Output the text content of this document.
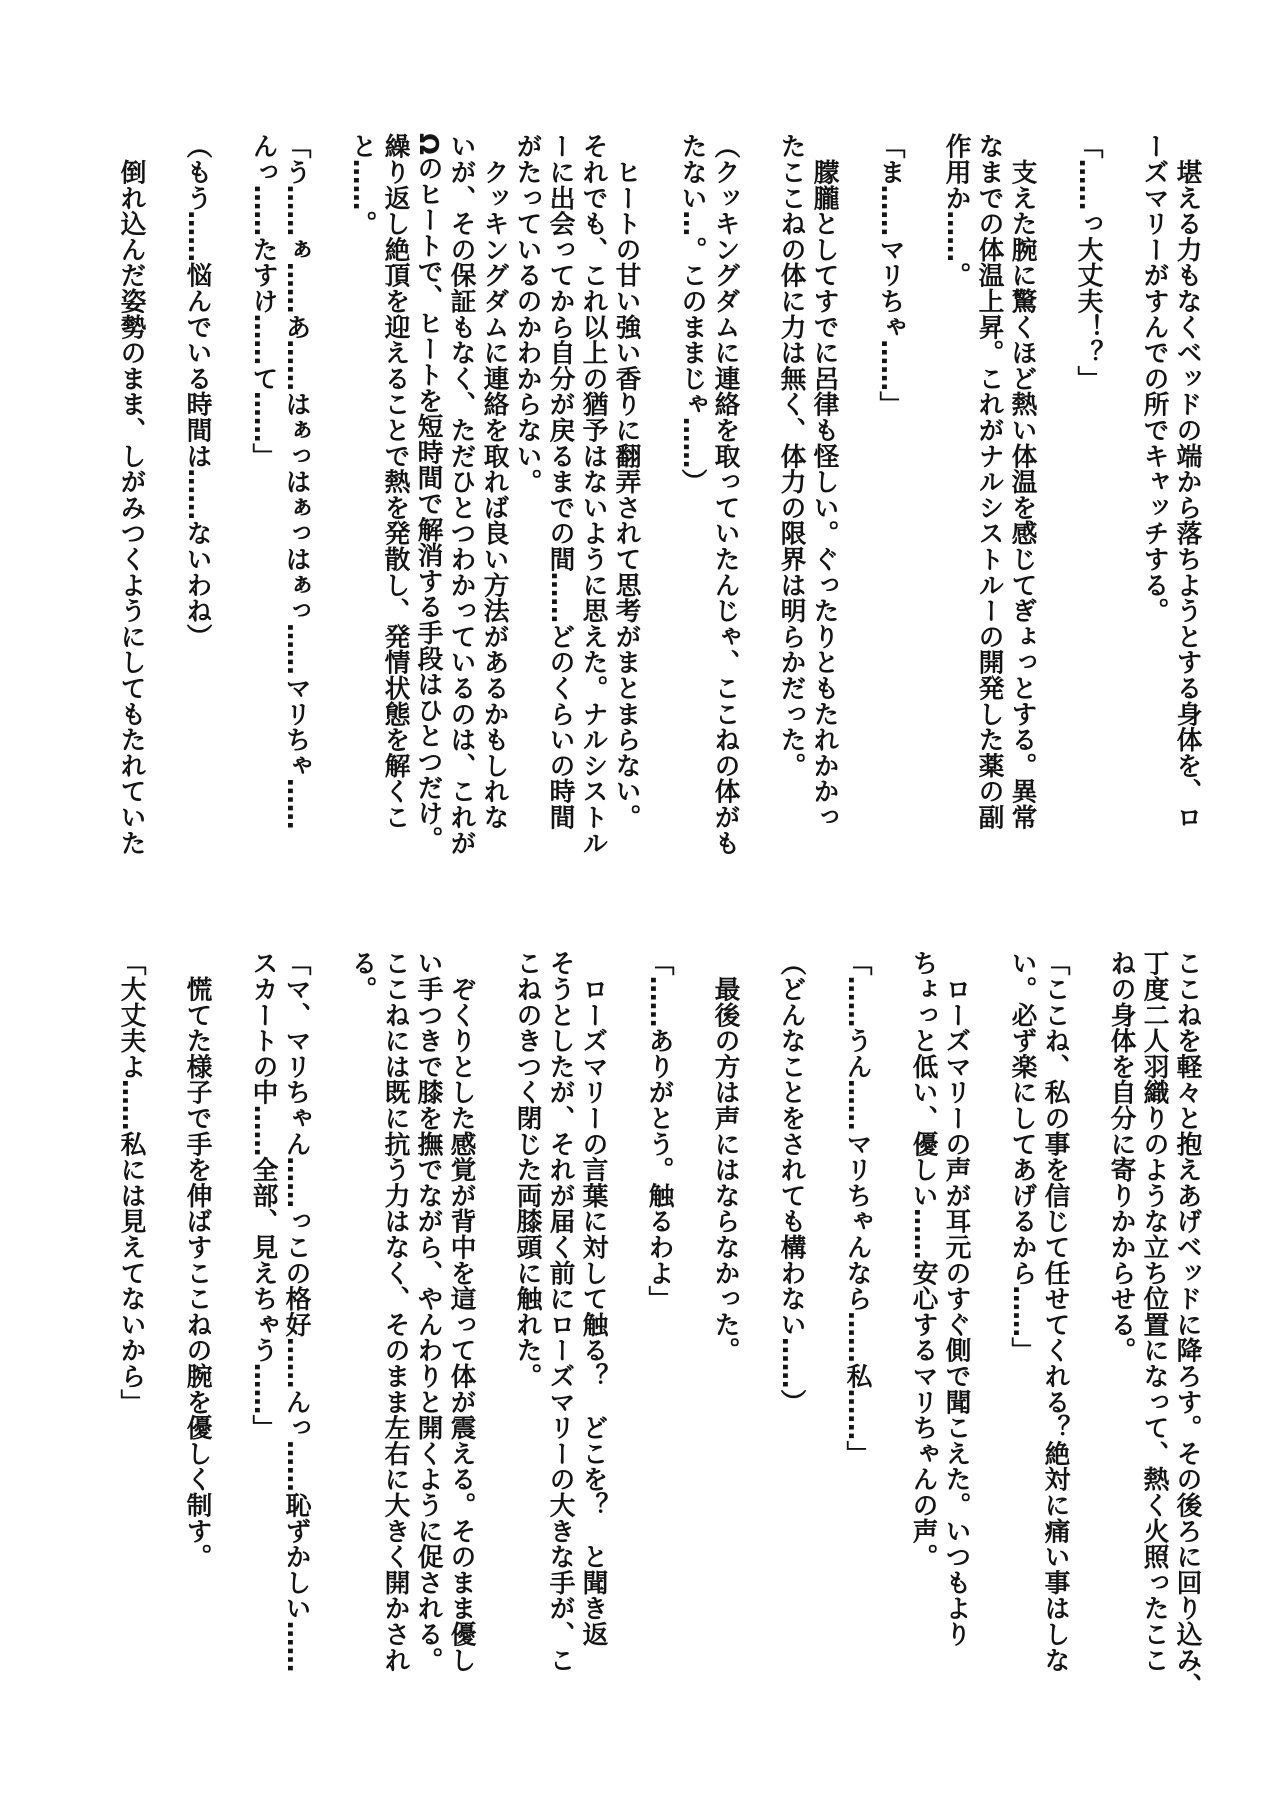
　堪える力もなくベッドの端から落ちようとする身体を、ロ
ーズマリーがすんでの所でキャッチする。
「……っ大丈夫！？」
　支えた腕に驚くほど熱い体温を感じてぎょっとする。異常
なまでの体温上昇。これがナルシストルーの開発した薬の副
作用か……。
「ま……マリちゃ……」
　朦朧としてすでに呂律も怪しい。ぐったりともたれかかっ
たここねの体に力は無く、体力の限界は明らかだった。
（クッキングダムに連絡を取っていたんじゃ、ここねの体がも
たない…。このままじゃ……）
　ヒートの甘い強い香りに翻弄されて思考がまとまらない。
それでも、これ以上の猶予はないように思えた。ナルシストル
ーに出会ってから自分が戻るまでの間……どのくらいの時間
がたっているのかわからない。
　クッキングダムに連絡を取れば良い方法があるかもしれな
いが、その保証もなく、ただひとつわかっているのは、これが
Ωのヒートで、ヒートを短時間で解消する手段はひとつだけ。
繰り返し絶頂を迎えることで熱を発散し、発情状態を解くこ
と……。
「う……ぁ……あ……はぁっはぁっはぁっ……マリちゃ……
んっ……たすけ……て……」
（もう……悩んでいる時間は……ないわね）
　倒れ込んだ姿勢のまま、しがみつくようにしてもたれていた
ここねを軽々と抱えあげベッドに降ろす。その後ろに回り込み、
丁度二人羽織りのような立ち位置になって、熱く火照ったここ
ねの身体を自分に寄りかからせる。
「ここね、私の事を信じて任せてくれる？絶対に痛い事はしな
い。必ず楽にしてあげるから……」
　ローズマリーの声が耳元のすぐ側で聞こえた。いつもより
ちょっと低い、優しい……安心するマリちゃんの声。
「……うん……マリちゃんなら……私……」
（どんなことをされても構わない……）
　最後の方は声にはならなかった。
「……ありがとう。触るわよ」
　ローズマリーの言葉に対して触る？　どこを？　と聞き返
そうとしたが、それが届く前にローズマリーの大きな手が、こ
こねのきつく閉じた両膝頭に触れた。
　ぞくりとした感覚が背中を這って体が震える。そのまま優し
い手つきで膝を撫でながら、やんわりと開くように促される。
ここねには既に抗う力はなく、そのまま左右に大きく開かされ
る。
「マ、マリちゃん……っこの格好……んっ……恥ずかしい……
スカートの中……全部、見えちゃう……」
　慌てた様子で手を伸ばすここねの腕を優しく制す。
「大丈夫よ……私には見えてないから」
